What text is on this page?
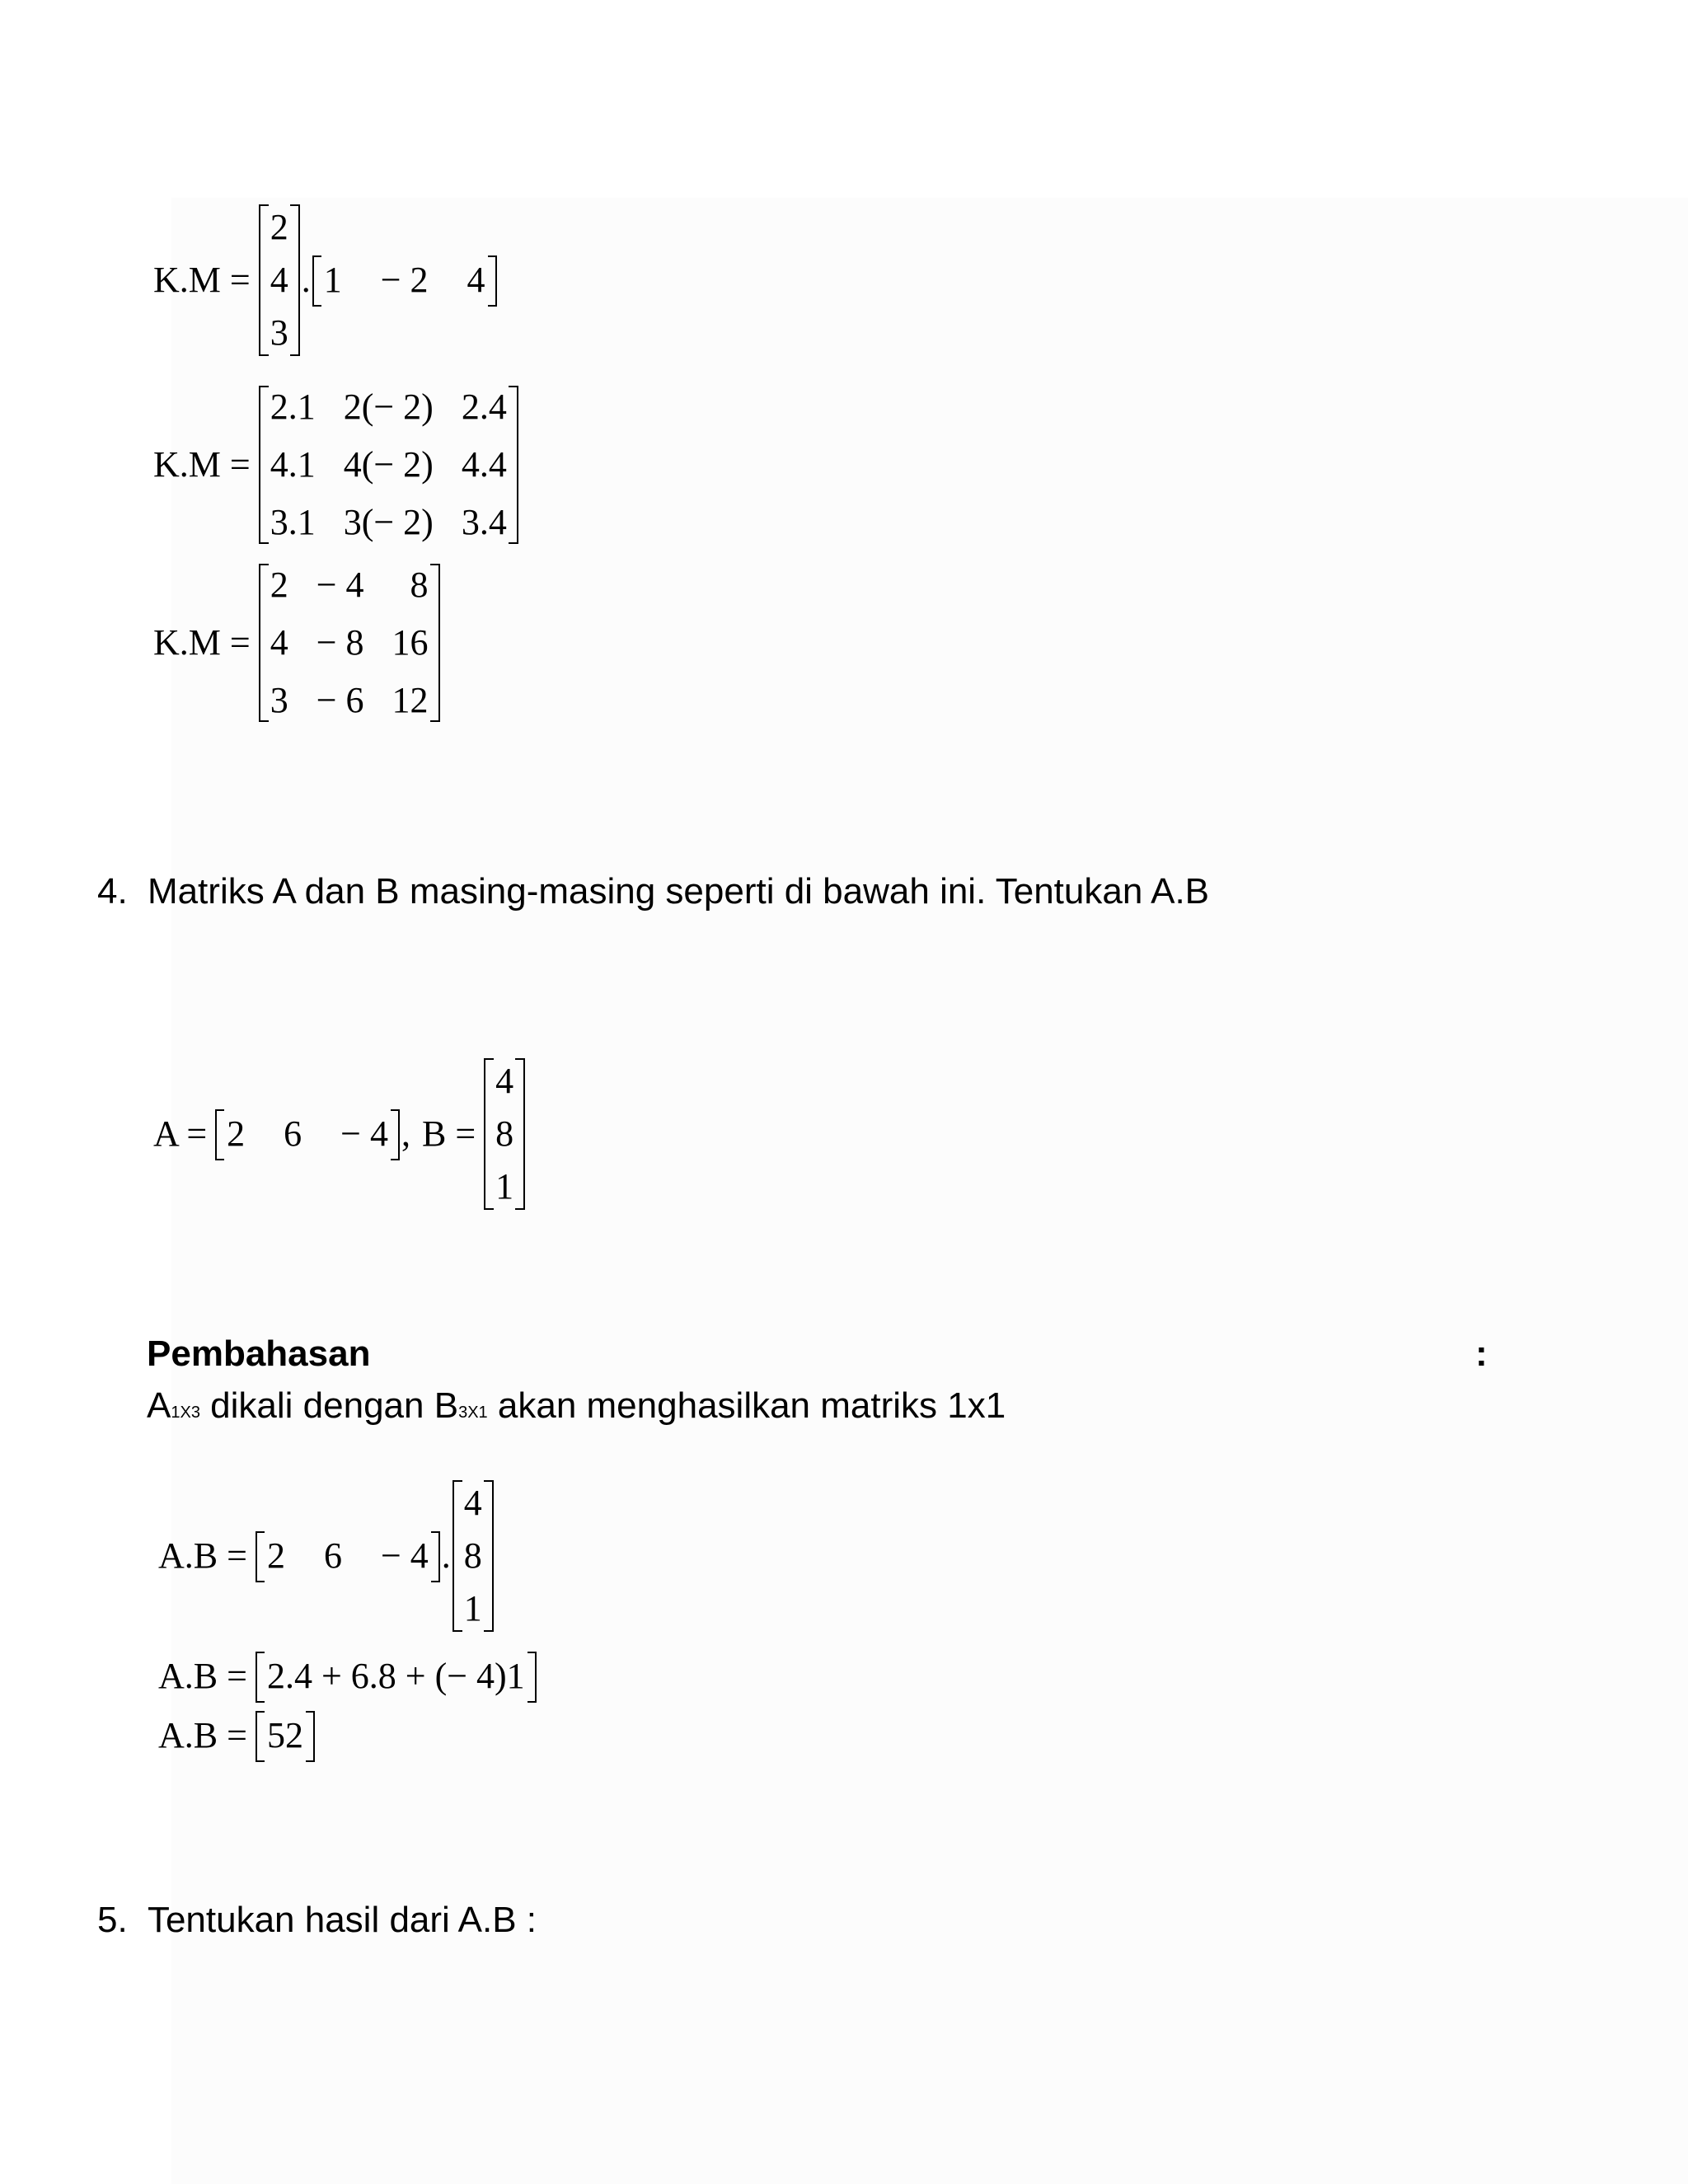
K.M =
2
4
3
. 1 − 2 4
K.M =
2.1 2(− 2) 2.4
4.1 4(− 2) 4.4
3.1 3(− 2) 3.4
K.M =
2 − 4	8
4 − 8 16
3 − 6 12
4. Matriks A dan B masing-masing seperti di bawah ini. Tentukan A.B
A = 2 6 − 4 , B =
4
8
1
Pembahasan	:
A1X3 dikali dengan B3X1 akan menghasilkan matriks 1x1
A.B = 2 6 − 4 .
4
8
1
A.B = 2.4 + 6.8 + (− 4)1
A.B = 52
5. Tentukan hasil dari A.B :
